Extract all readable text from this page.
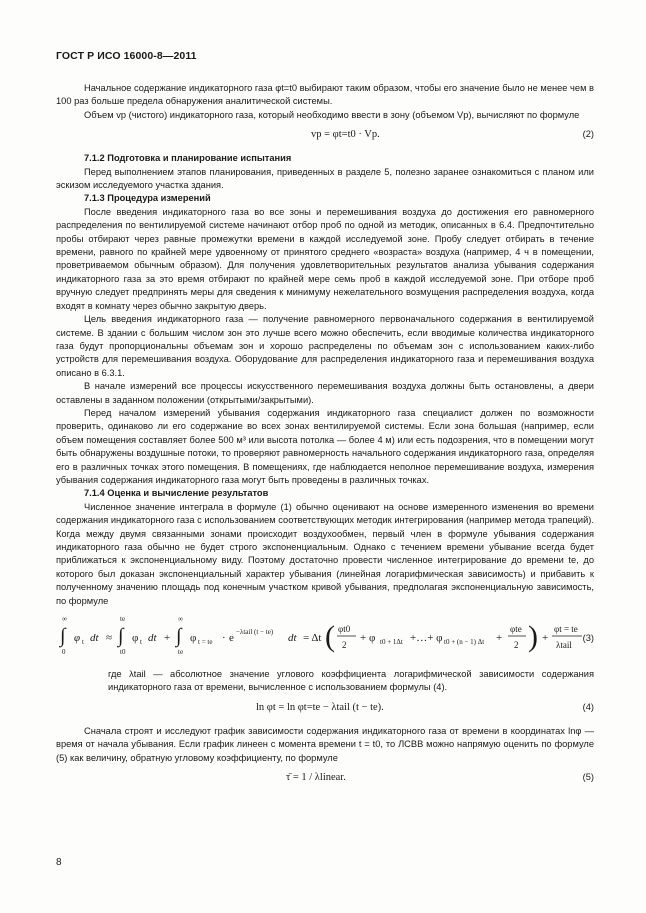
ГОСТ Р ИСО 16000-8—2011

Начальное содержание индикаторного газа φt=t0 выбирают таким образом, чтобы его значение было не менее чем в 100 раз больше предела обнаружения аналитической системы.

Объем vp (чистого) индикаторного газа, который необходимо ввести в зону (объемом Vp), вычисляют по формуле

vp = φt=t0 · Vp.	(2)

7.1.2 Подготовка и планирование испытания

Перед выполнением этапов планирования, приведенных в разделе 5, полезно заранее ознакомиться с планом или эскизом исследуемого участка здания.

7.1.3 Процедура измерений

После введения индикаторного газа во все зоны и перемешивания воздуха до достижения его равномерного распределения по вентилируемой системе начинают отбор проб по одной из методик, описанных в 6.4. Предпочтительно пробы отбирают через равные промежутки времени в каждой исследуемой зоне. Пробу следует отбирать в течение времени, равного по крайней мере удвоенному от принятого среднего «возраста» воздуха (например, 4 ч в помещении, проветриваемом обычным образом). Для получения удовлетворительных результатов анализа убывания содержания индикаторного газа за это время отбирают по крайней мере семь проб в каждой исследуемой зоне. При отборе проб вручную следует предпринять меры для сведения к минимуму нежелательного возмущения распределения воздуха, когда входят в комнату через обычно закрытую дверь.

Цель введения индикаторного газа — получение равномерного первоначального содержания в вентилируемой системе. В здании с большим числом зон это лучше всего можно обеспечить, если вводимые количества индикаторного газа будут пропорциональны объемам зон и хорошо распределены по объемам зон с использованием каких-либо устройств для перемешивания воздуха. Оборудование для распределения индикаторного газа и перемешивания воздуха описано в 6.3.1.

В начале измерений все процессы искусственного перемешивания воздуха должны быть остановлены, а двери оставлены в заданном положении (открытыми/закрытыми).

Перед началом измерений убывания содержания индикаторного газа специалист должен по возможности проверить, одинаково ли его содержание во всех зонах вентилируемой системы. Если зона большая (например, если объем помещения составляет более 500 м³ или высота потолка — более 4 м) или есть подозрения, что в помещении могут быть обнаружены воздушные потоки, то проверяют равномерность начального содержания индикаторного газа, определяя его в различных точках этого помещения. В помещениях, где наблюдается неполное перемешивание воздуха, измерения убывания содержания индикаторного газа могут быть проведены в различных точках.

7.1.4 Оценка и вычисление результатов

Численное значение интеграла в формуле (1) обычно оценивают на основе измеренного изменения во времени содержания индикаторного газа с использованием соответствующих методик интегрирования (например метода трапеций). Когда между двумя связанными зонами происходит воздухообмен, первый член в формуле убывания содержания индикаторного газа обычно не будет строго экспоненциальным. Однако с течением времени убывание всегда будет приближаться к экспоненциальному виду. Поэтому достаточно провести численное интегрирование до времени te, до которого был доказан экспоненциальный характер убывания (линейная логарифмическая зависимость) и прибавить к полученному значению площадь под конечным участком кривой убывания, предполагая экспоненциальную зависимость, по формуле

∫
∞
0
φ t dt ≈ ∫
te
t0
φ t dt + ∫
∞
te
φ t = te · e −λtail (t − te) dt = Δt ( φt0
2
+ φ t0 + 1Δt +…+ φ t0 + (n − 1) Δt +
φte
2 ) +
φt = te
λtail
(3)

где λtail — абсолютное значение углового коэффициента логарифмической зависимости содержания индикаторного газа от времени, вычисленное с использованием формулы (4).

ln φt = ln φt=te − λtail (t − te).	(4)

Сначала строят и исследуют график зависимости содержания индикаторного газа от времени в координатах lnφ — время от начала убывания. Если график линеен с момента времени t = t0, то ЛСВВ можно напрямую оценить по формуле (5) как величину, обратную угловому коэффициенту, по формуле

τ̄ = 1 / λlinear.	(5)
8
